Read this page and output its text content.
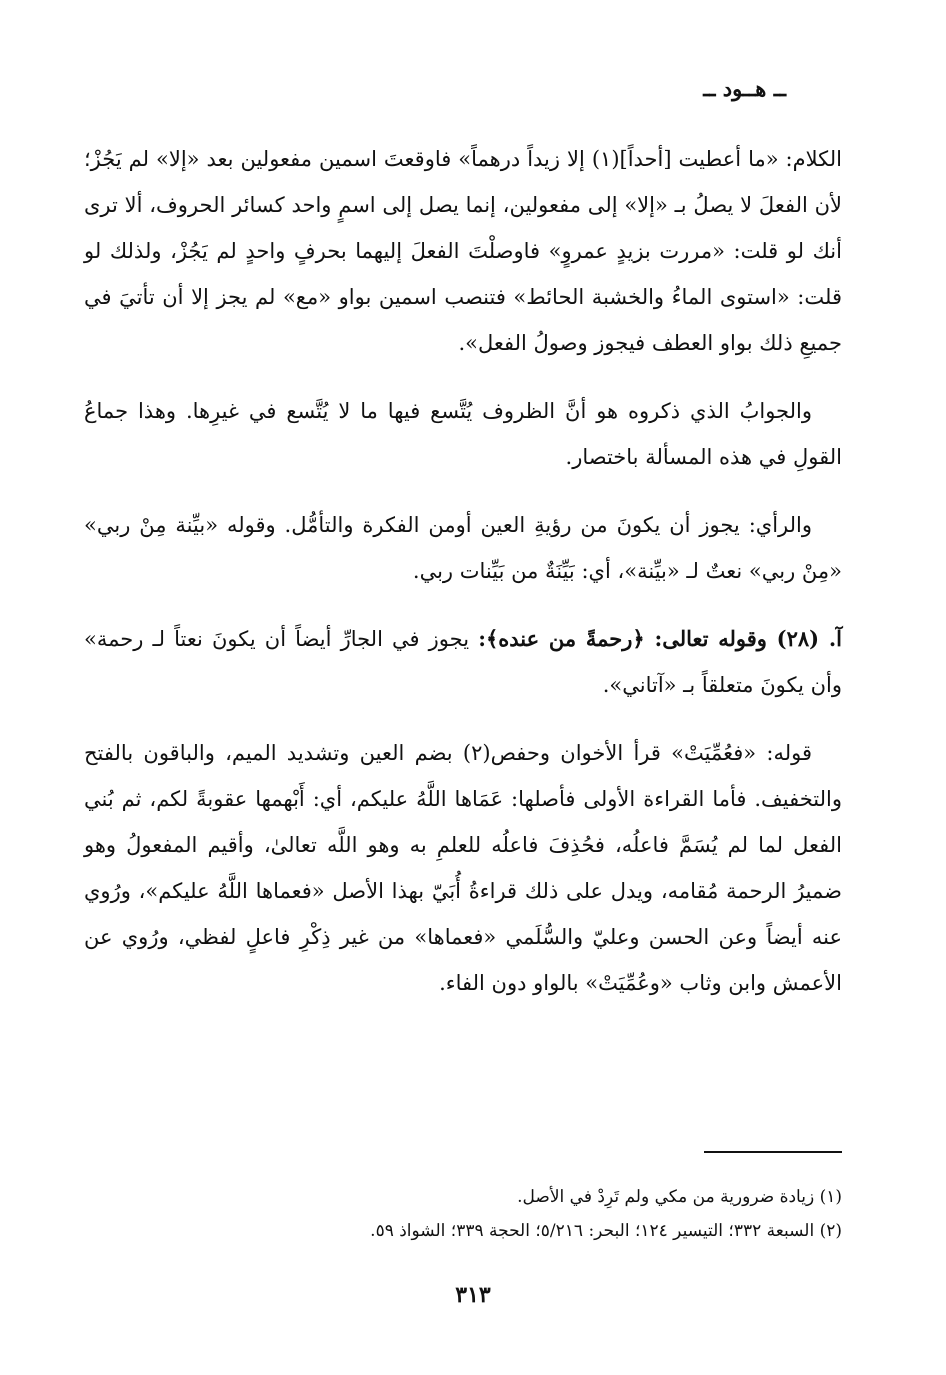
ــ هــود ــ

الكلام: «ما أعطيت [أحداً](١) إلا زيداً درهماً» فاوقعتَ اسمين مفعولين بعد «إلا» لم يَجُزْ؛ لأن الفعلَ لا يصلُ بـ «إلا» إلى مفعولين، إنما يصل إلى اسمٍ واحد كسائر الحروف، ألا ترى أنك لو قلت: «مررت بزيدٍ عمروٍ» فاوصلْتَ الفعلَ إليهما بحرفٍ واحدٍ لم يَجُزْ، ولذلك لو قلت: «استوى الماءُ والخشبة الحائط» فتنصب اسمين بواو «مع» لم يجز إلا أن تأتيَ في جميعِ ذلك بواو العطف فيجوز وصولُ الفعل».

والجوابُ الذي ذكروه هو أنَّ الظروف يُتَّسع فيها ما لا يُتَّسع في غيرِها. وهذا جماعُ القولِ في هذه المسألة باختصار.

والرأي: يجوز أن يكونَ من رؤيةِ العين أومن الفكرة والتأمُّل. وقوله «بيِّنة مِنْ ربي» «مِنْ ربي» نعتٌ لـ «بيِّنة»، أي: بَيِّنَةٌ من بَيِّنات ربي.

آ. (٢٨) وقوله تعالى: ﴿رحمةً من عنده﴾: يجوز في الجارِّ أيضاً أن يكونَ نعتاً لـ رحمة» وأن يكونَ متعلقاً بـ «آتاني».

قوله: «فعُمِّيَتْ» قرأ الأخوان وحفص(٢) بضم العين وتشديد الميم، والباقون بالفتح والتخفيف. فأما القراءة الأولى فأصلها: عَمَاها اللَّهُ عليكم، أي: أَبْهمها عقوبةً لكم، ثم بُني الفعل لما لم يُسَمَّ فاعلُه، فحُذِفَ فاعلُه للعلمِ به وهو اللَّه تعالىٰ، وأقيم المفعولُ وهو ضميرُ الرحمة مُقامه، ويدل على ذلك قراءةُ أُبَيّ بهذا الأصل «فعماها اللَّهُ عليكم»، ورُوي عنه أيضاً وعن الحسن وعليّ والسُّلَمي «فعماها» من غير ذِكْرِ فاعلٍ لفظي، ورُوي عن الأعمش وابن وثاب «وعُمِّيَتْ» بالواو دون الفاء.

(١) زيادة ضرورية من مكي ولم تَرِدْ في الأصل.
(٢) السبعة ٣٣٢؛ التيسير ١٢٤؛ البحر: ٥/٢١٦؛ الحجة ٣٣٩؛ الشواذ ٥٩.
٣١٣
